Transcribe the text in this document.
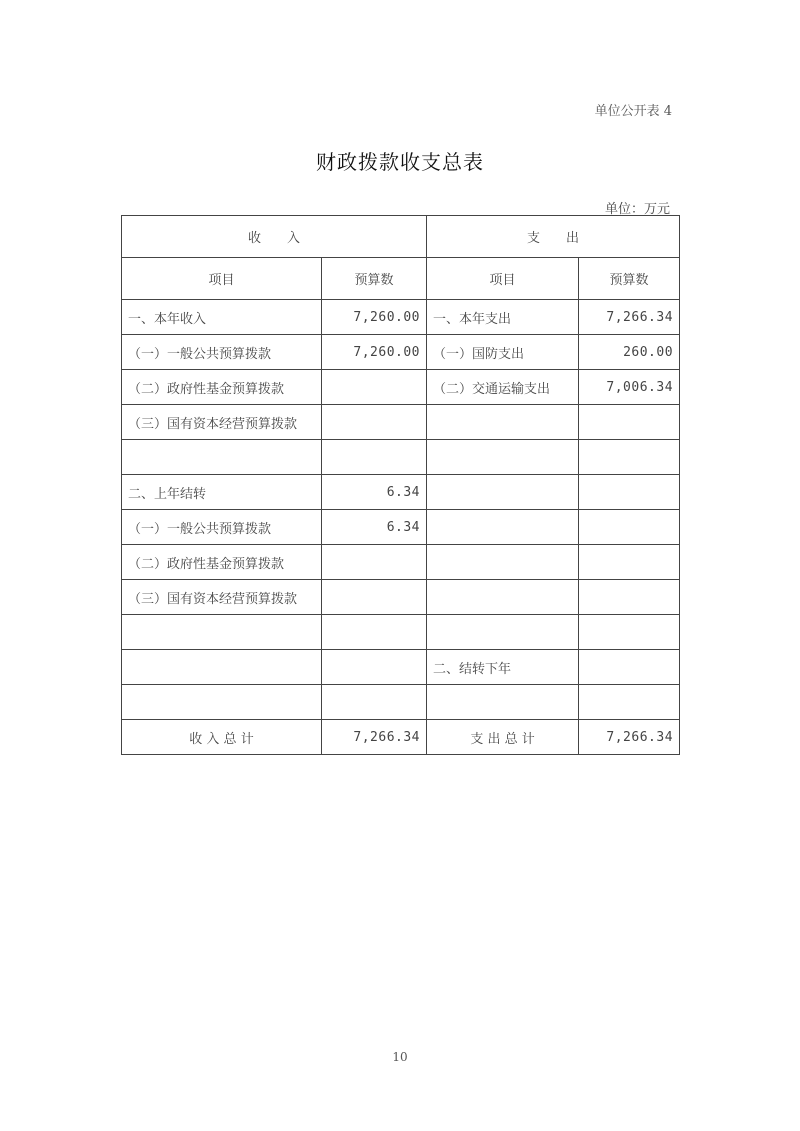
单位公开表 4
财政拨款收支总表
单位：万元
收　　入		支　　出	
项目	预算数	项目	预算数
一、本年收入	7,260.00	一、本年支出	7,266.34
（一）一般公共预算拨款	7,260.00	（一）国防支出	260.00
（二）政府性基金预算拨款		（二）交通运输支出	7,006.34
（三）国有资本经营预算拨款			

二、上年结转	6.34		
（一）一般公共预算拨款	6.34		
（二）政府性基金预算拨款			
（三）国有资本经营预算拨款			

		二、结转下年	

收 入 总 计	7,266.34	支 出 总 计	7,266.34
10
